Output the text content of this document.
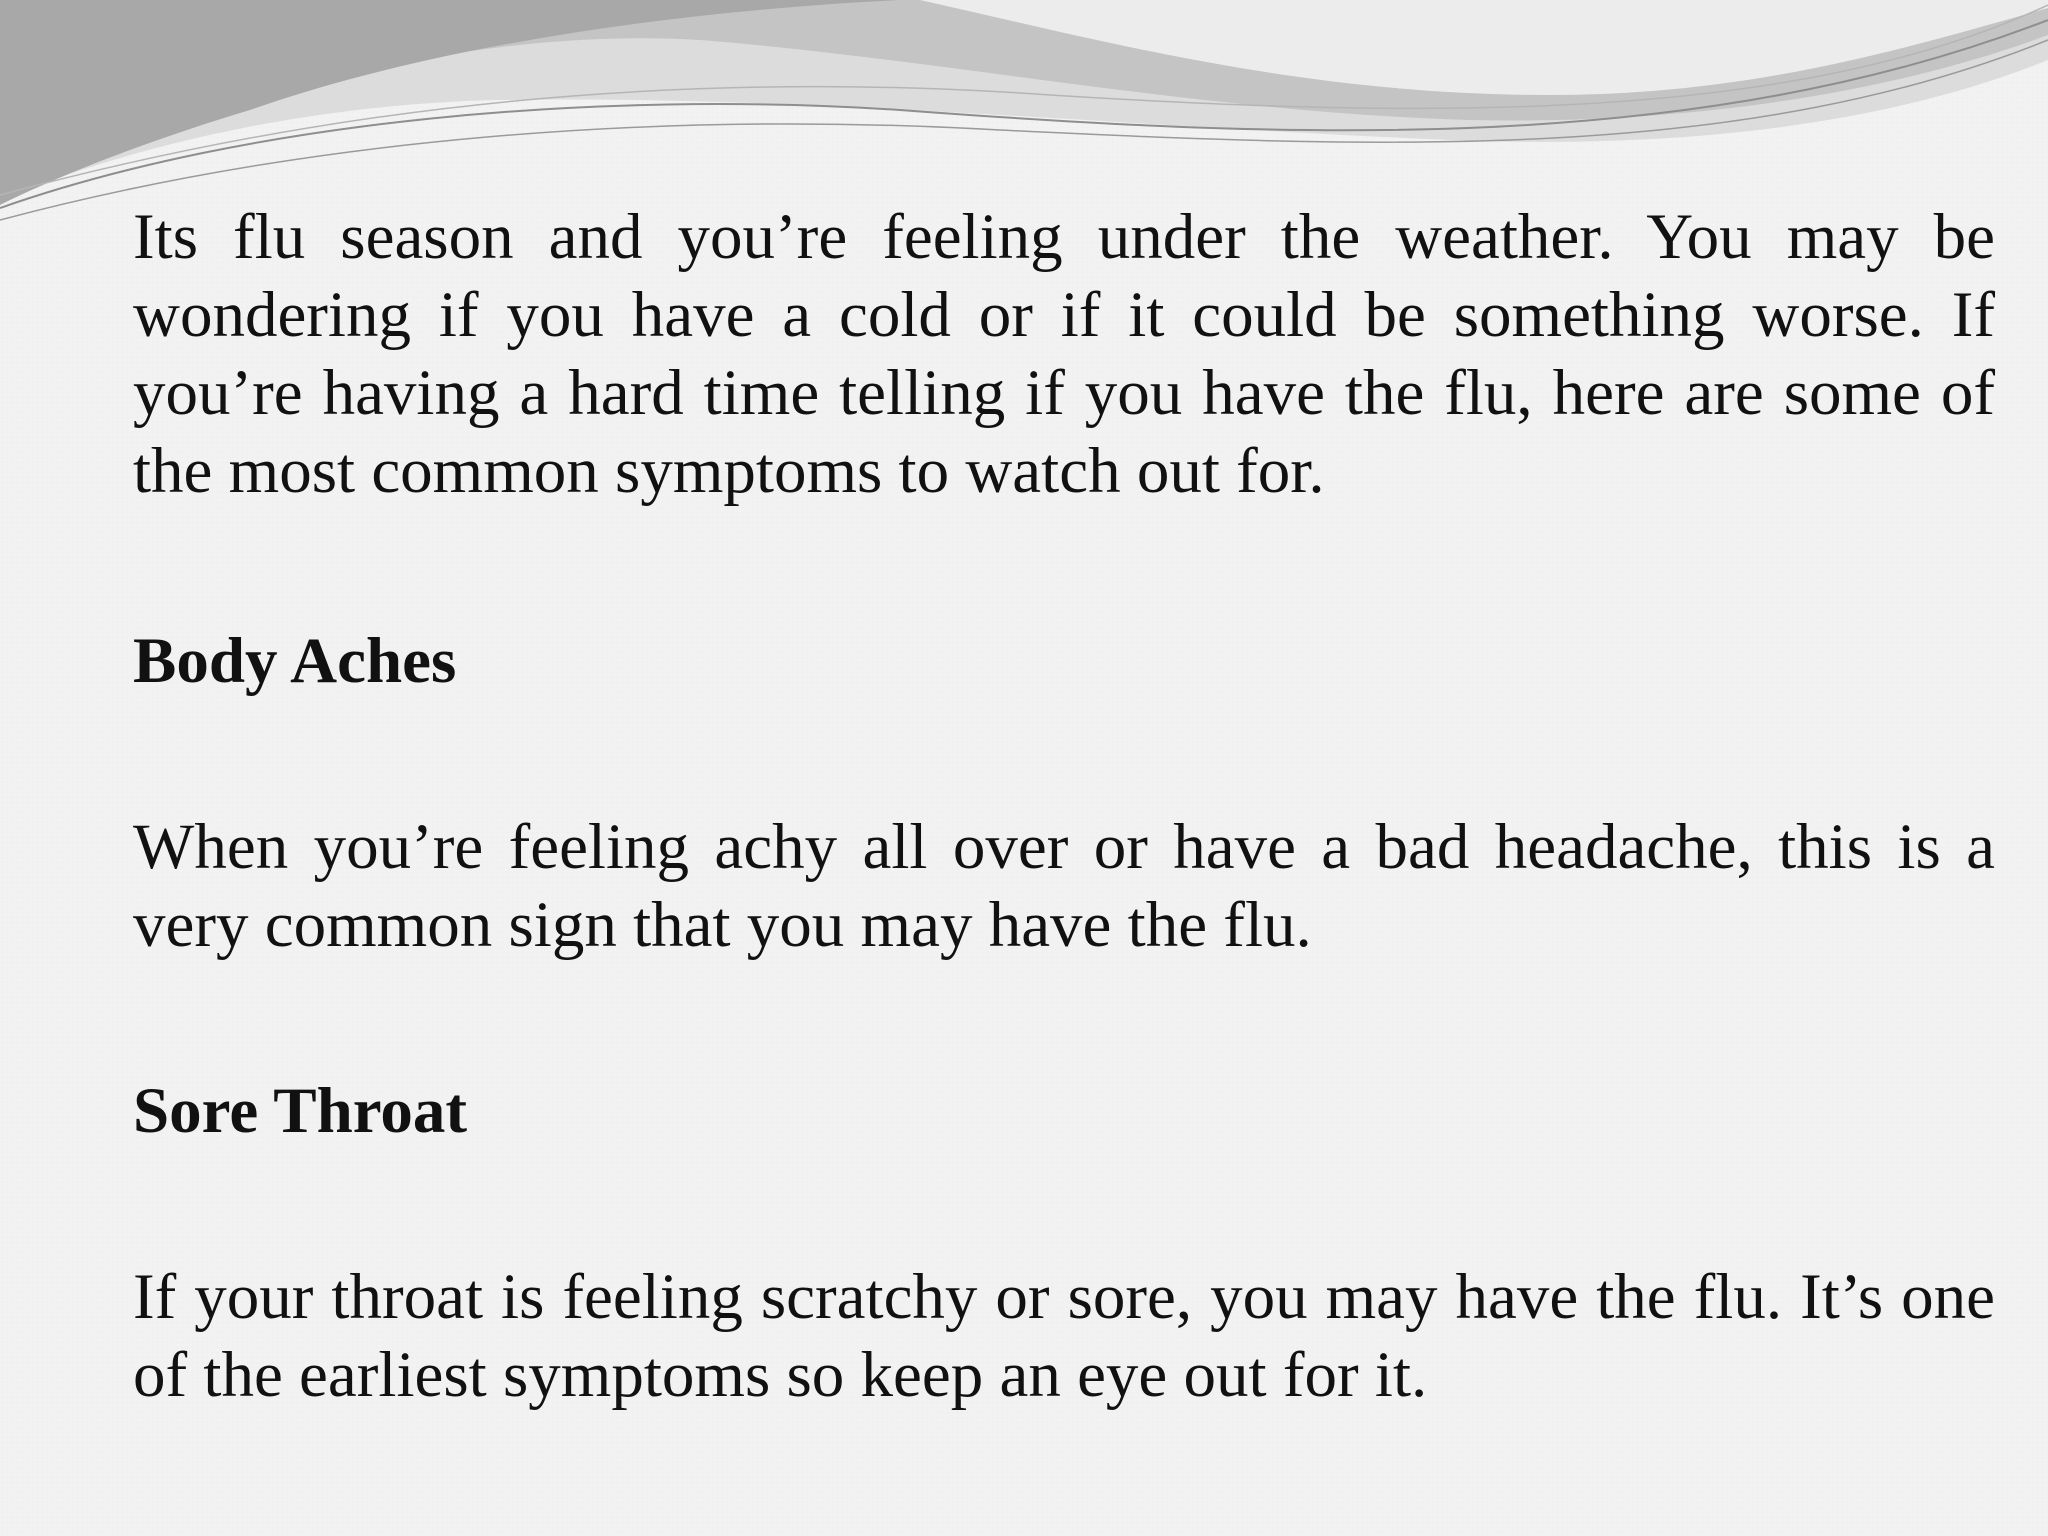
Its flu season and you’re feeling under the weather. You may be wondering if you have a cold or if it could be something worse. If you’re having a hard time telling if you have the flu, here are some of the most common symptoms to watch out for.

Body Aches

When you’re feeling achy all over or have a bad headache, this is a very common sign that you may have the flu.

Sore Throat

If your throat is feeling scratchy or sore, you may have the flu. It’s one of the earliest symptoms so keep an eye out for it.
